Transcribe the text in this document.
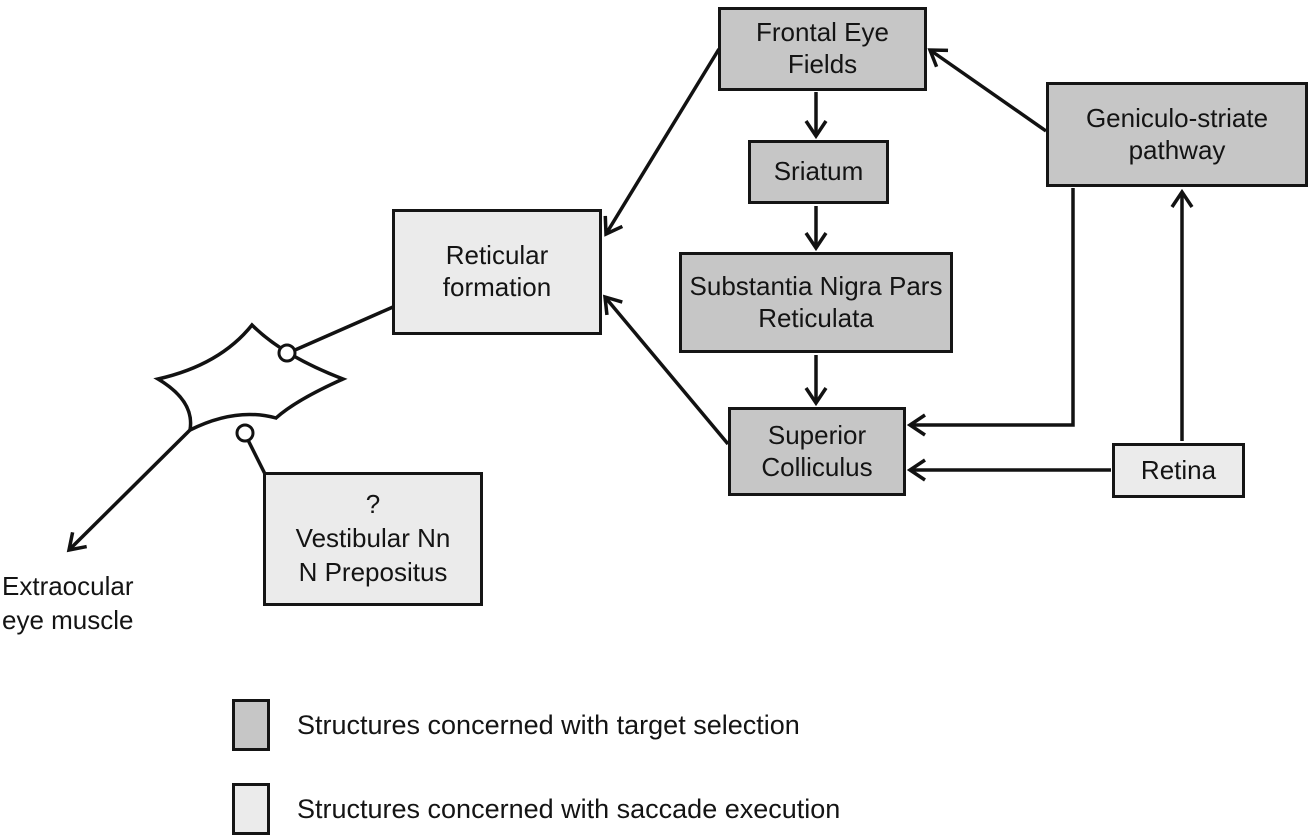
Frontal Eye Fields
Sriatum
Substantia Nigra Pars Reticulata
Superior Colliculus
Geniculo-striate pathway
Retina
Reticular formation
?
Vestibular Nn
N Prepositus
Extraocular
eye muscle
Structures concerned with target selection
Structures concerned with saccade execution
